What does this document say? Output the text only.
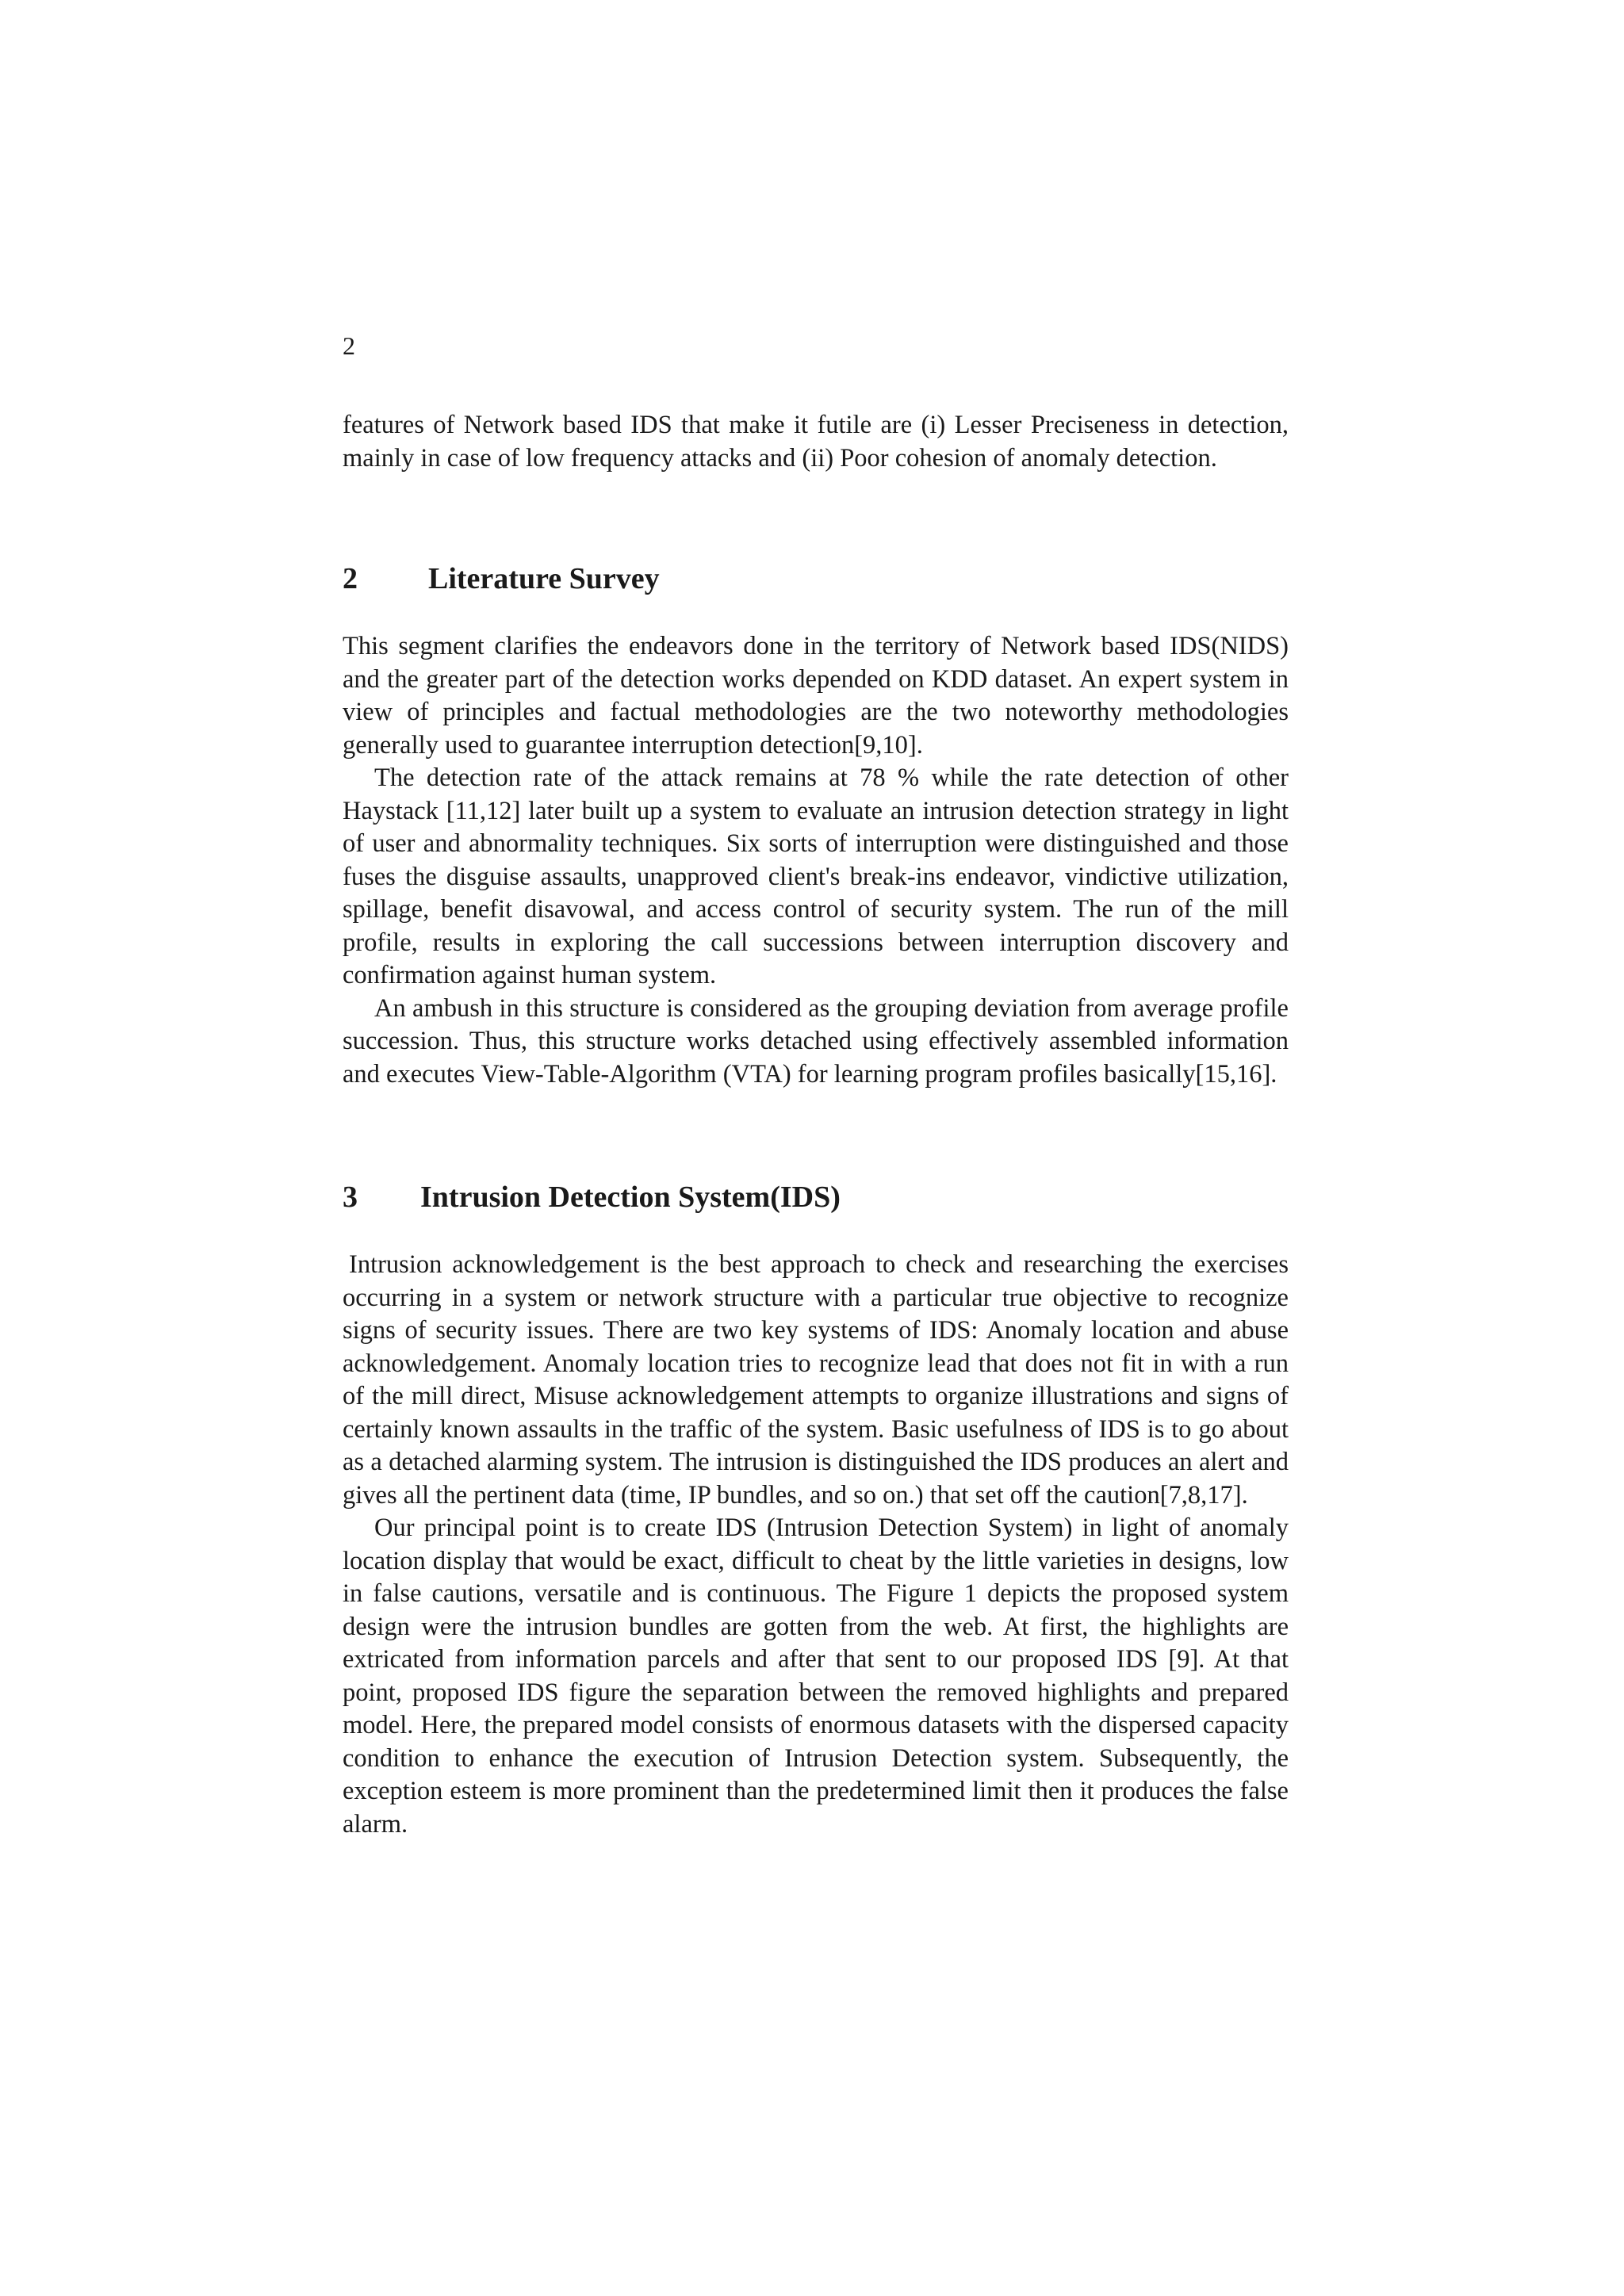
2

features of Network based IDS that make it futile are (i) Lesser Preciseness in detection, mainly in case of low frequency attacks and (ii) Poor cohesion of anomaly detection.

2 Literature Survey

This segment clarifies the endeavors done in the territory of Network based IDS(NIDS) and the greater part of the detection works depended on KDD dataset. An expert system in view of principles and factual methodologies are the two noteworthy methodologies generally used to guarantee interruption detection[9,10].

The detection rate of the attack remains at 78 % while the rate detection of other Haystack [11,12] later built up a system to evaluate an intrusion detection strategy in light of user and abnormality techniques. Six sorts of interruption were distinguished and those fuses the disguise assaults, unapproved client's break-ins endeavor, vindictive utilization, spillage, benefit disavowal, and access control of security system. The run of the mill profile, results in exploring the call successions between interruption discovery and confirmation against human system.

An ambush in this structure is considered as the grouping deviation from average profile succession. Thus, this structure works detached using effectively assembled information and executes View-Table-Algorithm (VTA) for learning program profiles basically[15,16].

3 Intrusion Detection System(IDS)

Intrusion acknowledgement is the best approach to check and researching the exercises occurring in a system or network structure with a particular true objective to recognize signs of security issues. There are two key systems of IDS: Anomaly location and abuse acknowledgement. Anomaly location tries to recognize lead that does not fit in with a run of the mill direct, Misuse acknowledgement attempts to organize illustrations and signs of certainly known assaults in the traffic of the system. Basic usefulness of IDS is to go about as a detached alarming system. The intrusion is distinguished the IDS produces an alert and gives all the pertinent data (time, IP bundles, and so on.) that set off the caution[7,8,17].

Our principal point is to create IDS (Intrusion Detection System) in light of anomaly location display that would be exact, difficult to cheat by the little varieties in designs, low in false cautions, versatile and is continuous. The Figure 1 depicts the proposed system design were the intrusion bundles are gotten from the web. At first, the highlights are extricated from information parcels and after that sent to our proposed IDS [9]. At that point, proposed IDS figure the separation between the removed highlights and prepared model. Here, the prepared model consists of enormous datasets with the dispersed capacity condition to enhance the execution of Intrusion Detection system. Subsequently, the exception esteem is more prominent than the predetermined limit then it produces the false alarm.
